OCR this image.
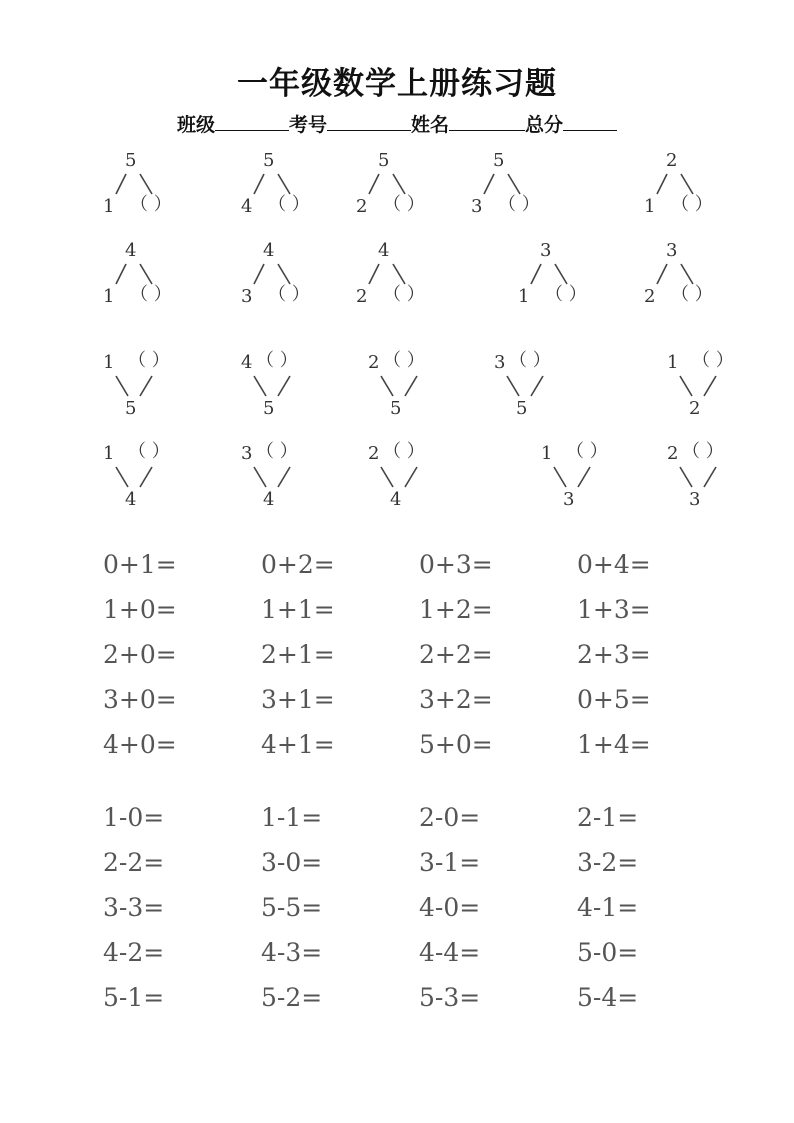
一年级数学上册练习题
班级	考号	姓名	总分
5
1 （ ）
5
4 （ ）
5
2 （ ）
5
3 （ ）
2
1 （ ）
4
1 （ ）
4
3 （ ）
4
2 （ ）
3
1 （ ）
3
2 （ ）
1 （ ）
5
4 （ ）
5
2 （ ）
5
3 （ ）
5
1 （ ）
2
1 （ ）
4
3 （ ）
4
2 （ ）
4
1 （ ）
3
2 （ ）
3
0+1=	0+2=	0+3=	0+4=
1+0=	1+1=	1+2=	1+3=
2+0=	2+1=	2+2=	2+3=
3+0=	3+1=	3+2=	0+5=
4+0=	4+1=	5+0=	1+4=
1-0=	1-1=	2-0=	2-1=
2-2=	3-0=	3-1=	3-2=
3-3=	5-5=	4-0=	4-1=
4-2=	4-3=	4-4=	5-0=
5-1=	5-2=	5-3=	5-4=
